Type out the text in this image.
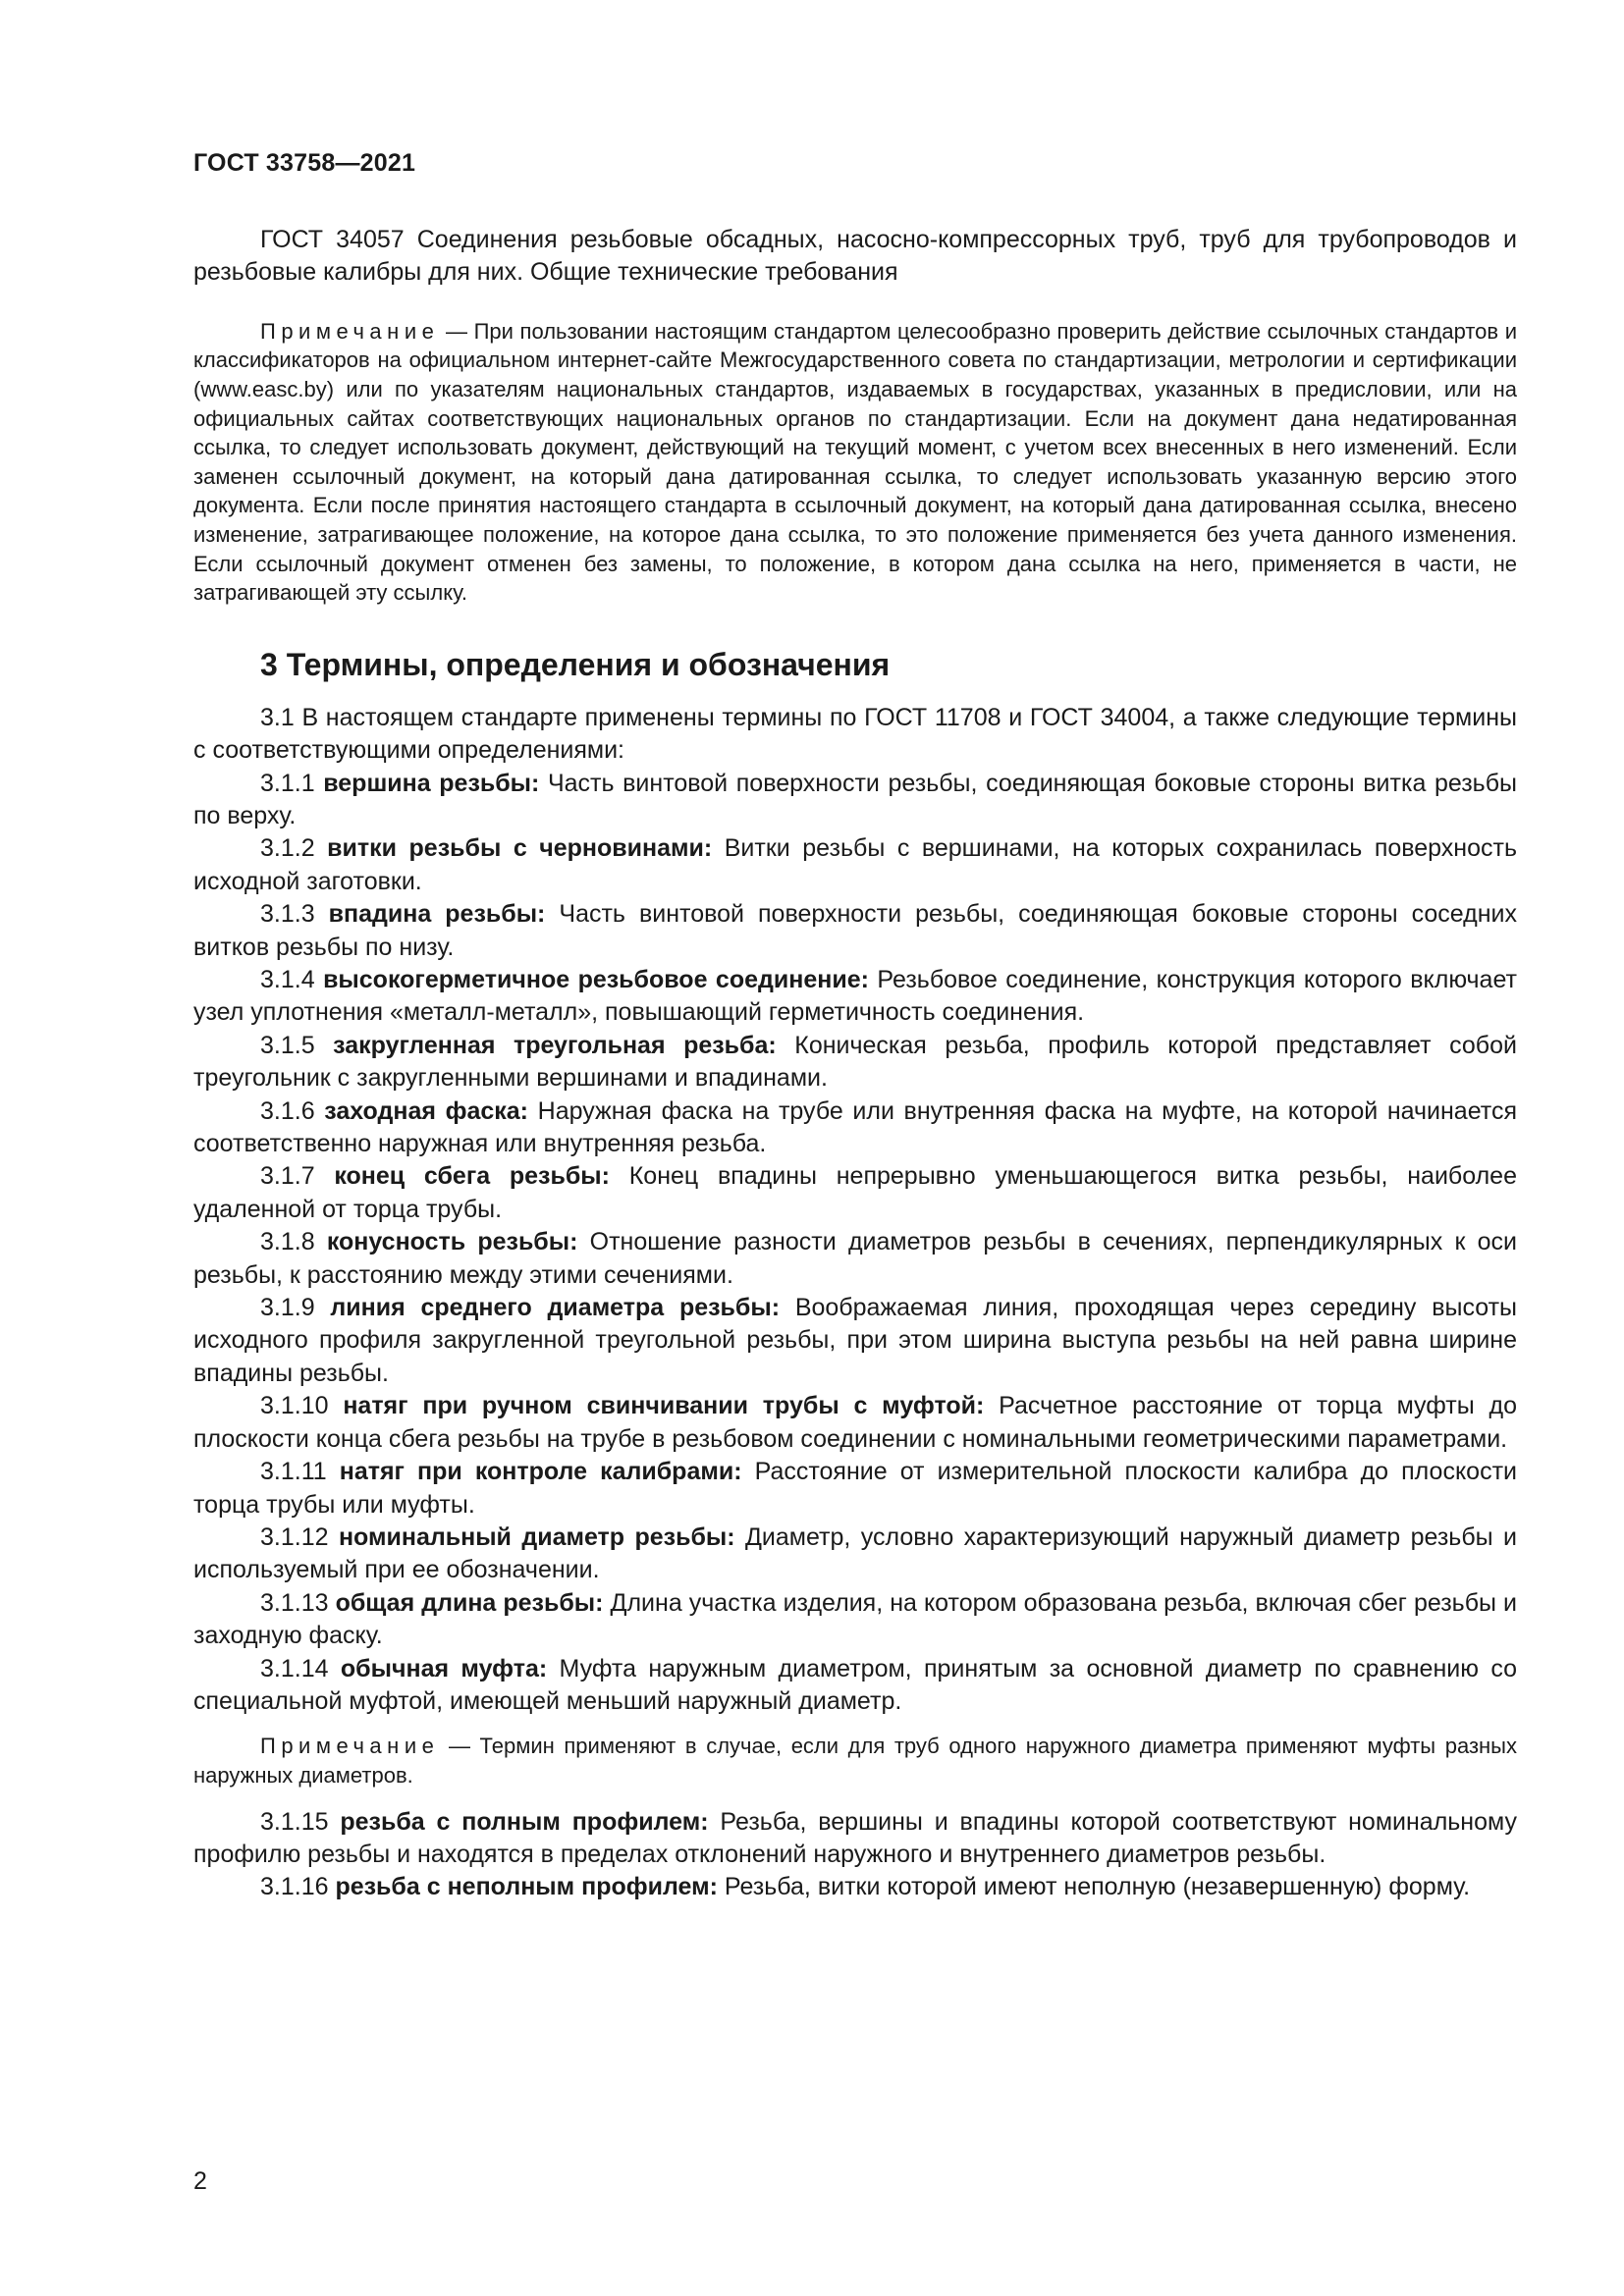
ГОСТ 33758—2021

ГОСТ 34057 Соединения резьбовые обсадных, насосно-компрессорных труб, труб для трубопроводов и резьбовые калибры для них. Общие технические требования

Примечание — При пользовании настоящим стандартом целесообразно проверить действие ссылочных стандартов и классификаторов на официальном интернет-сайте Межгосударственного совета по стандартизации, метрологии и сертификации (www.easc.by) или по указателям национальных стандартов, издаваемых в государствах, указанных в предисловии, или на официальных сайтах соответствующих национальных органов по стандартизации. Если на документ дана недатированная ссылка, то следует использовать документ, действующий на текущий момент, с учетом всех внесенных в него изменений. Если заменен ссылочный документ, на который дана датированная ссылка, то следует использовать указанную версию этого документа. Если после принятия настоящего стандарта в ссылочный документ, на который дана датированная ссылка, внесено изменение, затрагивающее положение, на которое дана ссылка, то это положение применяется без учета данного изменения. Если ссылочный документ отменен без замены, то положение, в котором дана ссылка на него, применяется в части, не затрагивающей эту ссылку.

3 Термины, определения и обозначения

3.1 В настоящем стандарте применены термины по ГОСТ 11708 и ГОСТ 34004, а также следующие термины с соответствующими определениями:

3.1.1 вершина резьбы: Часть винтовой поверхности резьбы, соединяющая боковые стороны витка резьбы по верху.

3.1.2 витки резьбы с черновинами: Витки резьбы с вершинами, на которых сохранилась поверхность исходной заготовки.

3.1.3 впадина резьбы: Часть винтовой поверхности резьбы, соединяющая боковые стороны соседних витков резьбы по низу.

3.1.4 высокогерметичное резьбовое соединение: Резьбовое соединение, конструкция которого включает узел уплотнения «металл-металл», повышающий герметичность соединения.

3.1.5 закругленная треугольная резьба: Коническая резьба, профиль которой представляет собой треугольник с закругленными вершинами и впадинами.

3.1.6 заходная фаска: Наружная фаска на трубе или внутренняя фаска на муфте, на которой начинается соответственно наружная или внутренняя резьба.

3.1.7 конец сбега резьбы: Конец впадины непрерывно уменьшающегося витка резьбы, наиболее удаленной от торца трубы.

3.1.8 конусность резьбы: Отношение разности диаметров резьбы в сечениях, перпендикулярных к оси резьбы, к расстоянию между этими сечениями.

3.1.9 линия среднего диаметра резьбы: Воображаемая линия, проходящая через середину высоты исходного профиля закругленной треугольной резьбы, при этом ширина выступа резьбы на ней равна ширине впадины резьбы.

3.1.10 натяг при ручном свинчивании трубы с муфтой: Расчетное расстояние от торца муфты до плоскости конца сбега резьбы на трубе в резьбовом соединении с номинальными геометрическими параметрами.

3.1.11 натяг при контроле калибрами: Расстояние от измерительной плоскости калибра до плоскости торца трубы или муфты.

3.1.12 номинальный диаметр резьбы: Диаметр, условно характеризующий наружный диаметр резьбы и используемый при ее обозначении.

3.1.13 общая длина резьбы: Длина участка изделия, на котором образована резьба, включая сбег резьбы и заходную фаску.

3.1.14 обычная муфта: Муфта наружным диаметром, принятым за основной диаметр по сравнению со специальной муфтой, имеющей меньший наружный диаметр.

Примечание — Термин применяют в случае, если для труб одного наружного диаметра применяют муфты разных наружных диаметров.

3.1.15 резьба с полным профилем: Резьба, вершины и впадины которой соответствуют номинальному профилю резьбы и находятся в пределах отклонений наружного и внутреннего диаметров резьбы.

3.1.16 резьба с неполным профилем: Резьба, витки которой имеют неполную (незавершенную) форму.

2
